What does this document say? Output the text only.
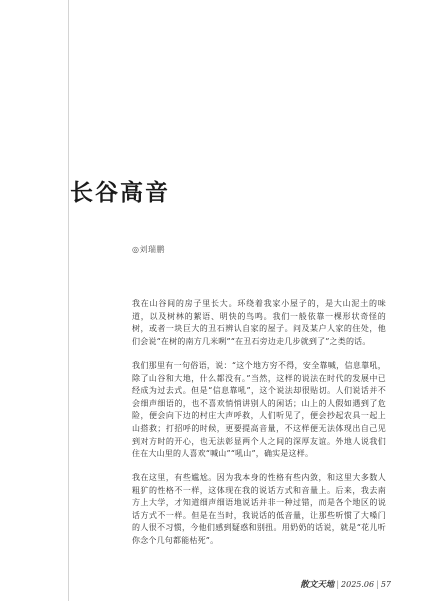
长谷高音
◎刘瑞鹏

我在山谷间的房子里长大。环绕着我家小屋子的，是大山泥土的味道，以及树林的絮语、明快的鸟鸣。我们一般依靠一棵形状奇怪的树，或者一块巨大的丑石辨认自家的屋子。问及某户人家的住处，他们会说“在树的南方几米咧”“在丑石旁边走几步就到了”之类的话。

我们那里有一句俗语，说：“这个地方穷不得，安全靠喊，信息靠吼，除了山谷和大地，什么都没有。”当然，这样的说法在时代的发展中已经成为过去式。但是“信息靠吼”，这个说法却很贴切。人们说话并不会细声细语的，也不喜欢悄悄讲别人的闲话；山上的人假如遇到了危险，便会向下边的村庄大声呼救，人们听见了，便会抄起农具一起上山搭救；打招呼的时候，更要提高音量，不这样便无法体现出自己见到对方时的开心，也无法彰显两个人之间的深厚友谊。外地人说我们住在大山里的人喜欢“喊山”“吼山”，确实是这样。

我在这里，有些尴尬。因为我本身的性格有些内敛，和这里大多数人粗犷的性格不一样，这体现在我的说话方式和音量上。后来，我去南方上大学，才知道细声细语地说话并非一种过错，而是各个地区的说话方式不一样。但是在当时，我说话的低音量，让那些听惯了大嗓门的人很不习惯，今他们感到疑惑和别扭。用奶奶的话说，就是“花儿听你念个几句都能枯死”。

散文天地 | 2025.06 | 57
